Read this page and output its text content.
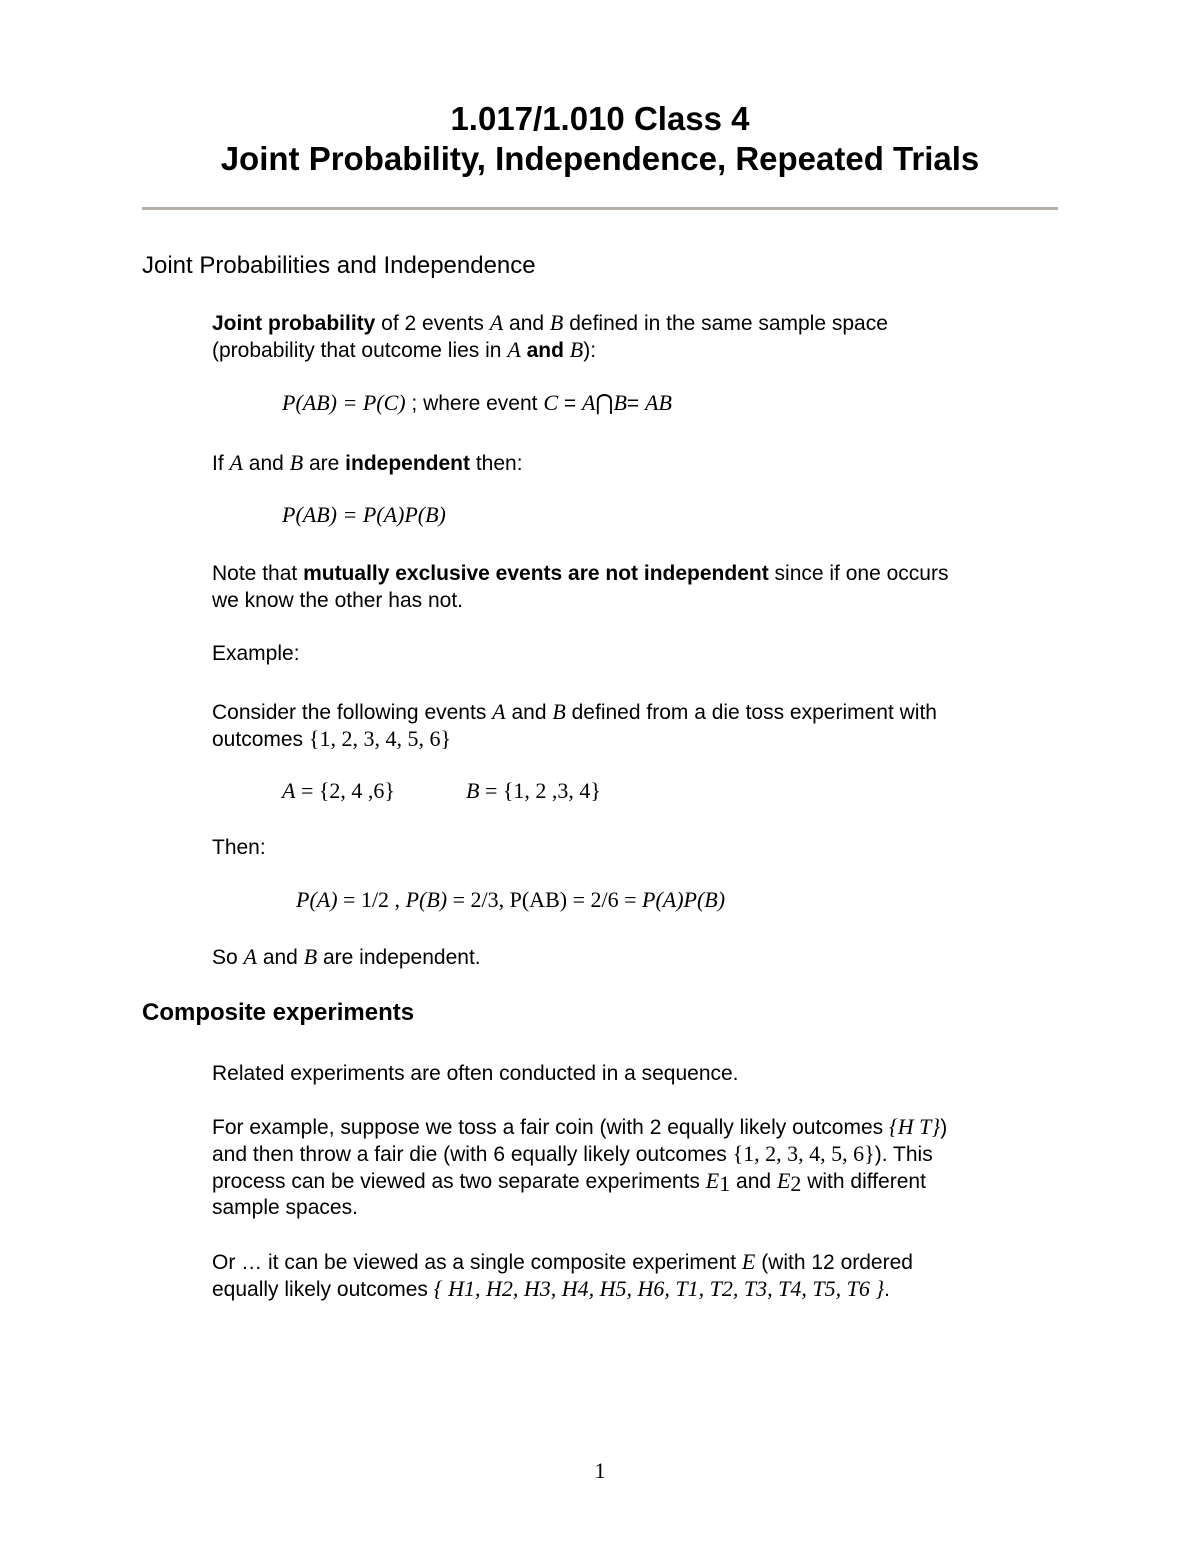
1.017/1.010 Class 4
Joint Probability, Independence, Repeated Trials
Joint Probabilities and Independence
Joint probability of 2 events A and B defined in the same sample space
(probability that outcome lies in A and B):
P(AB) = P(C) ; where event C = A⋂B= AB
If A and B are independent then:
P(AB) = P(A)P(B)
Note that mutually exclusive events are not independent since if one occurs
we know the other has not.
Example:
Consider the following events A and B defined from a die toss experiment with
outcomes {1, 2, 3, 4, 5, 6}
A = {2, 4 ,6}	B = {1, 2 ,3, 4}
Then:
P(A) = 1/2 , P(B) = 2/3, P(AB) = 2/6 = P(A)P(B)
So A and B are independent.
Composite experiments
Related experiments are often conducted in a sequence.
For example, suppose we toss a fair coin (with 2 equally likely outcomes {H T})
and then throw a fair die (with 6 equally likely outcomes {1, 2, 3, 4, 5, 6}). This
process can be viewed as two separate experiments $E_1$ and $E_2$ with different
sample spaces.
Or … it can be viewed as a single composite experiment E (with 12 ordered
equally likely outcomes { H1, H2, H3, H4, H5, H6, T1, T2, T3, T4, T5, T6 }.
1
